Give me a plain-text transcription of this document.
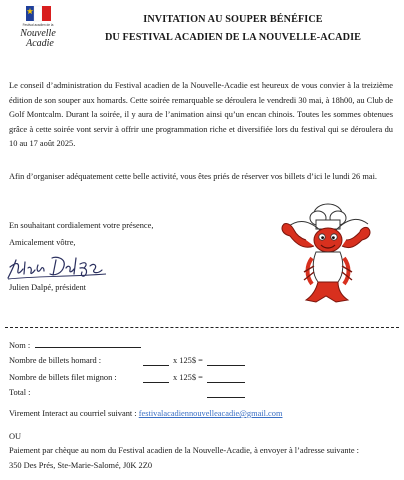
Festival acadien de la
Nouvelle
Acadie
INVITATION AU SOUPER BÉNÉFICE
DU FESTIVAL ACADIEN DE LA NOUVELLE-ACADIE
Le conseil d’administration du Festival acadien de la Nouvelle-Acadie est heureux de vous convier à la treizième édition de son souper aux homards. Cette soirée remarquable se déroulera le vendredi 30 mai, à 18h00, au Club de Golf Montcalm. Durant la soirée, il y aura de l’animation ainsi qu’un encan chinois. Toutes les sommes obtenues grâce à cette soirée vont servir à offrir une programmation riche et diversifiée lors du festival qui se déroulera du 10 au 17 août 2025.
Afin d’organiser adéquatement cette belle activité, vous êtes priés de réserver vos billets d’ici le lundi 26 mai.
En souhaitant cordialement votre présence,
Amicalement vôtre,
Julien Dalpé, président
Nom :
Nombre de billets homard :	x 125$ =
Nombre de billets filet mignon :	x 125$ =
Total :
Virement Interact au courriel suivant : festivalacadiennouvelleacadie@gmail.com
OU
Paiement par chèque au nom du Festival acadien de la Nouvelle-Acadie, à envoyer à l’adresse suivante :
350 Des Prés, Ste-Marie-Salomé, J0K 2Z0
